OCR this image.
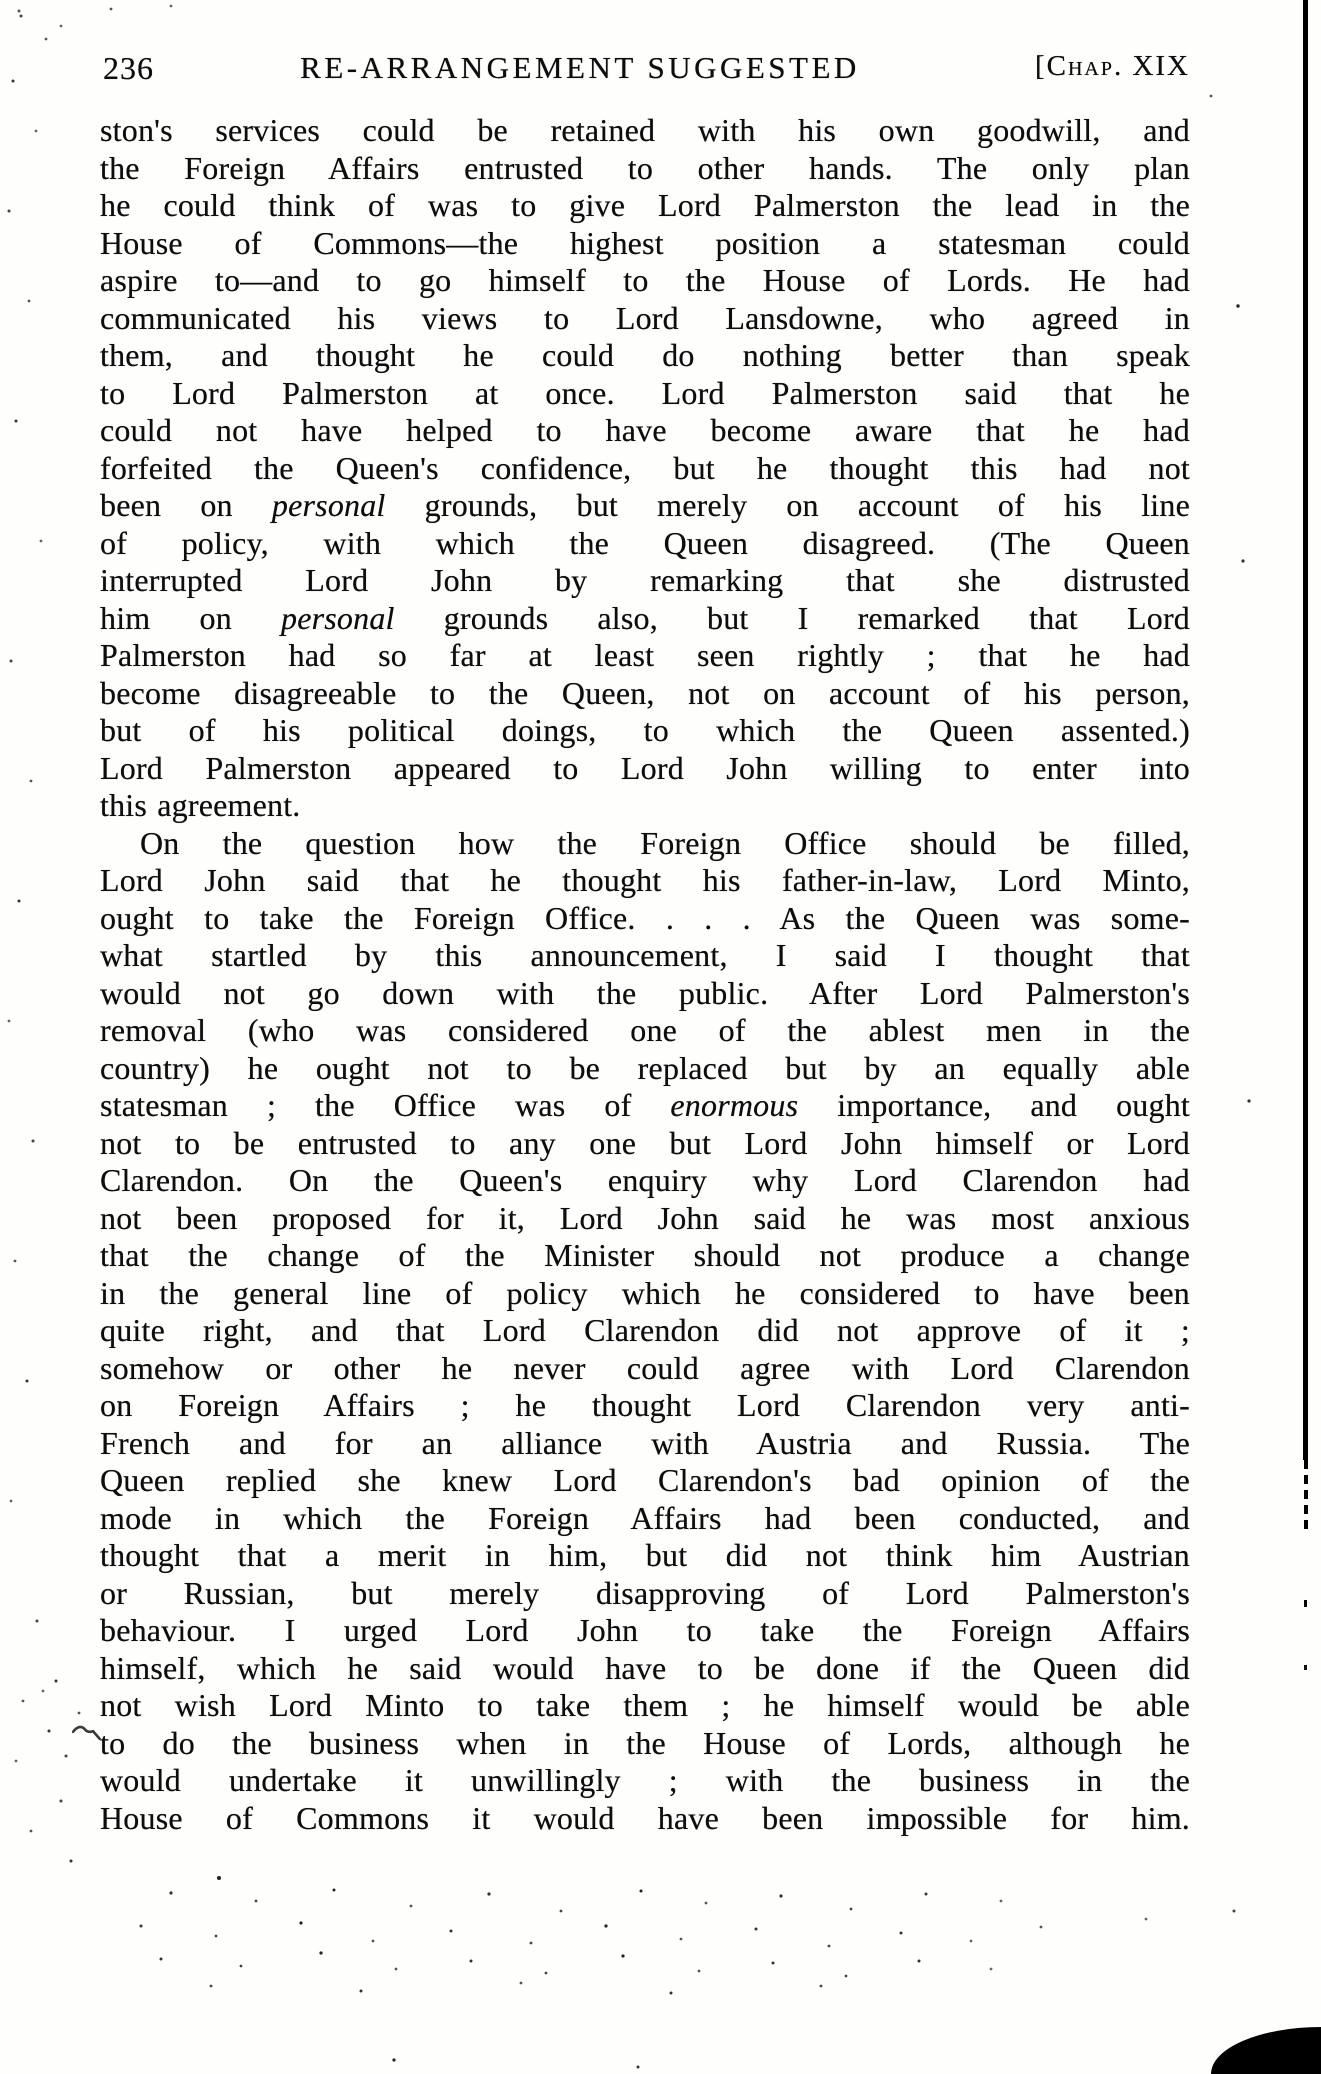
236	RE-ARRANGEMENT SUGGESTED	[Chap. XIX
ston's services could be retained with his own goodwill, and
the Foreign Affairs entrusted to other hands. The only plan
he could think of was to give Lord Palmerston the lead in the
House of Commons—the highest position a statesman could
aspire to—and to go himself to the House of Lords. He had
communicated his views to Lord Lansdowne, who agreed in
them, and thought he could do nothing better than speak
to Lord Palmerston at once. Lord Palmerston said that he
could not have helped to have become aware that he had
forfeited the Queen's confidence, but he thought this had not
been on personal grounds, but merely on account of his line
of policy, with which the Queen disagreed. (The Queen
interrupted Lord John by remarking that she distrusted
him on personal grounds also, but I remarked that Lord
Palmerston had so far at least seen rightly ; that he had
become disagreeable to the Queen, not on account of his person,
but of his political doings, to which the Queen assented.)
Lord Palmerston appeared to Lord John willing to enter into
this agreement.
On the question how the Foreign Office should be filled,
Lord John said that he thought his father-in-law, Lord Minto,
ought to take the Foreign Office. . . . As the Queen was some-
what startled by this announcement, I said I thought that
would not go down with the public. After Lord Palmerston's
removal (who was considered one of the ablest men in the
country) he ought not to be replaced but by an equally able
statesman ; the Office was of enormous importance, and ought
not to be entrusted to any one but Lord John himself or Lord
Clarendon. On the Queen's enquiry why Lord Clarendon had
not been proposed for it, Lord John said he was most anxious
that the change of the Minister should not produce a change
in the general line of policy which he considered to have been
quite right, and that Lord Clarendon did not approve of it ;
somehow or other he never could agree with Lord Clarendon
on Foreign Affairs ; he thought Lord Clarendon very anti-
French and for an alliance with Austria and Russia. The
Queen replied she knew Lord Clarendon's bad opinion of the
mode in which the Foreign Affairs had been conducted, and
thought that a merit in him, but did not think him Austrian
or Russian, but merely disapproving of Lord Palmerston's
behaviour. I urged Lord John to take the Foreign Affairs
himself, which he said would have to be done if the Queen did
not wish Lord Minto to take them ; he himself would be able
to do the business when in the House of Lords, although he
would undertake it unwillingly ; with the business in the
House of Commons it would have been impossible for him.
